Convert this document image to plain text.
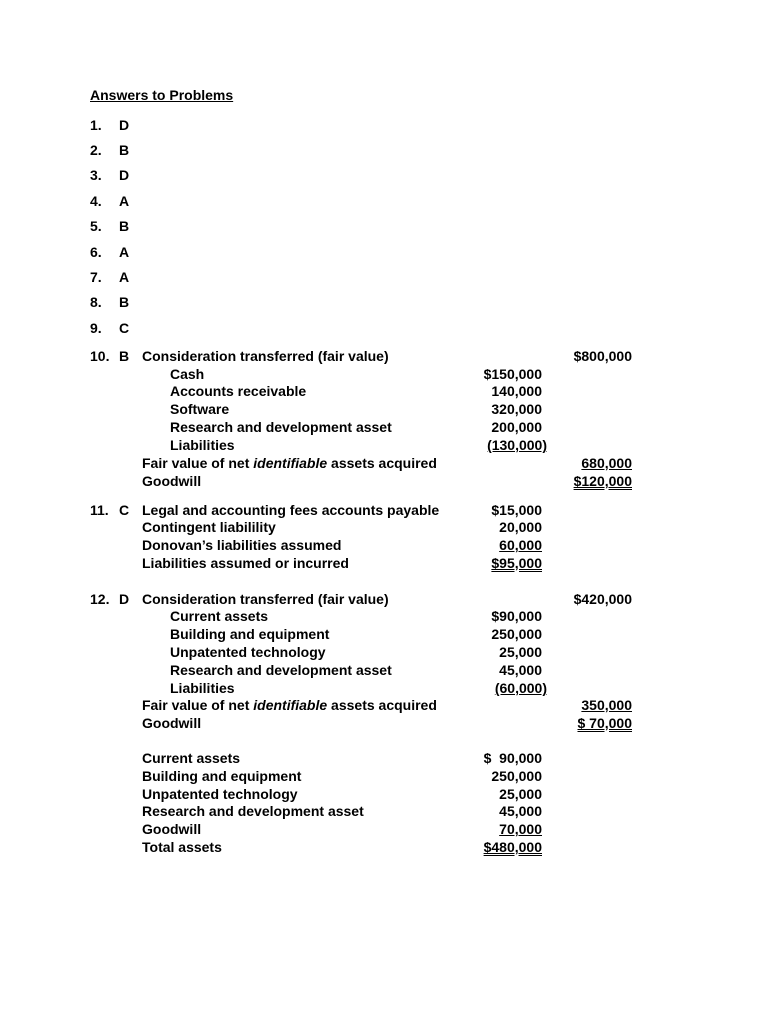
Answers to Problems
1. D
2. B
3. D
4. A
5. B
6. A
7. A
8. B
9. C
10. B Consideration transferred (fair value)	$800,000
Cash	$150,000
Accounts receivable	140,000
Software	320,000
Research and development asset	200,000
Liabilities	(130,000)
Fair value of net identifiable assets acquired	680,000
Goodwill	$120,000
11. C Legal and accounting fees accounts payable	$15,000
Contingent liabilility	20,000
Donovan’s liabilities assumed	60,000
Liabilities assumed or incurred	$95,000
12. D Consideration transferred (fair value)	$420,000
Current assets	$90,000
Building and equipment	250,000
Unpatented technology	25,000
Research and development asset	45,000
Liabilities	(60,000)
Fair value of net identifiable assets acquired	350,000
Goodwill	$ 70,000
Current assets	$  90,000
Building and equipment	250,000
Unpatented technology	25,000
Research and development asset	45,000
Goodwill	70,000
Total assets	$480,000
